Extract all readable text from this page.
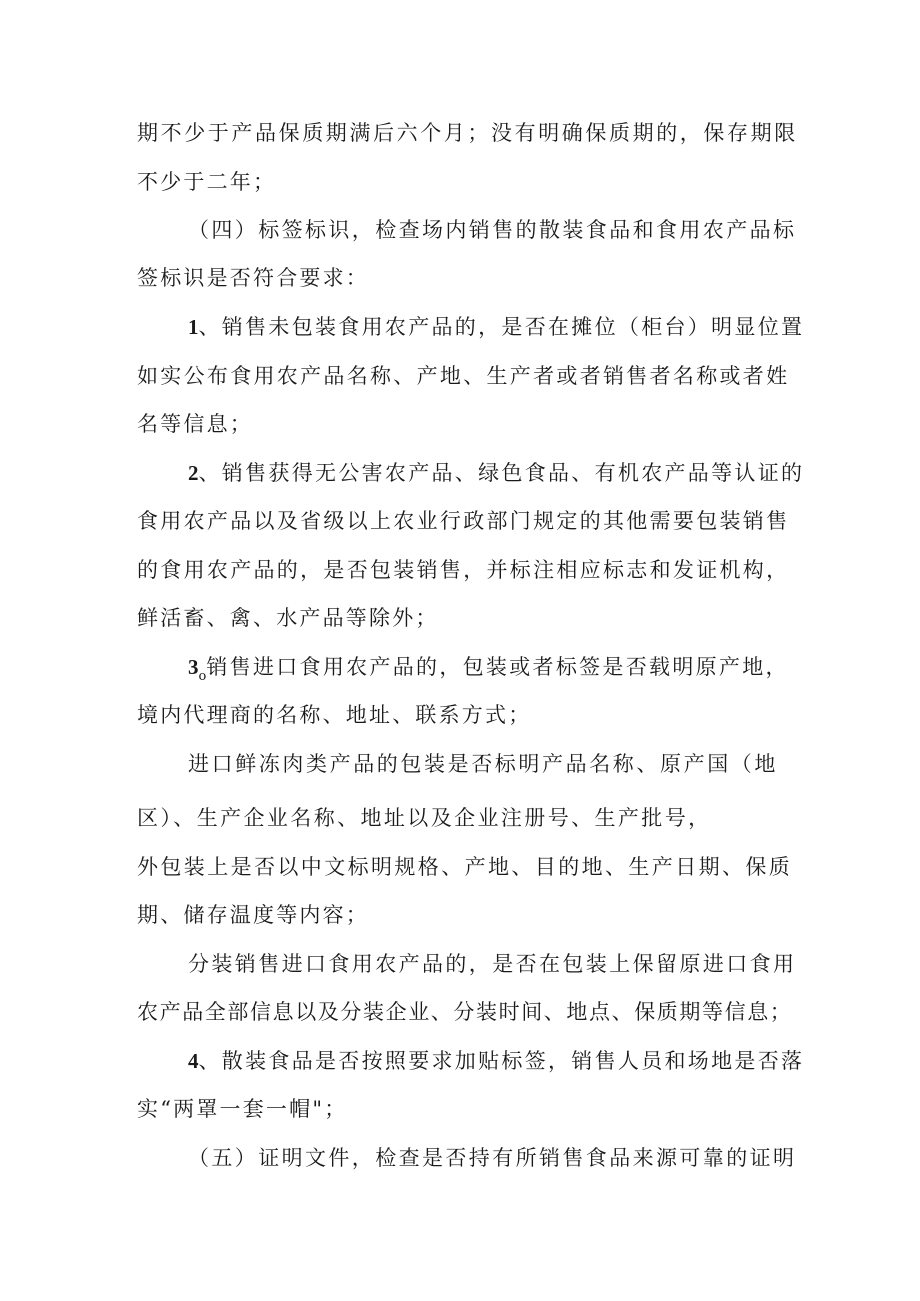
期不少于产品保质期满后六个月；没有明确保质期的，保存期限
不少于二年；
（四）标签标识，检查场内销售的散装食品和食用农产品标
签标识是否符合要求：
1、销售未包装食用农产品的，是否在摊位（柜台）明显位置
如实公布食用农产品名称、产地、生产者或者销售者名称或者姓
名等信息；
2、销售获得无公害农产品、绿色食品、有机农产品等认证的
食用农产品以及省级以上农业行政部门规定的其他需要包装销售
的食用农产品的，是否包装销售，并标注相应标志和发证机构，
鲜活畜、禽、水产品等除外；
$3_o$销售进口食用农产品的，包装或者标签是否载明原产地，
境内代理商的名称、地址、联系方式；
进口鲜冻肉类产品的包装是否标明产品名称、原产国（地
区）、生产企业名称、地址以及企业注册号、生产批号，
外包装上是否以中文标明规格、产地、目的地、生产日期、保质
期、储存温度等内容；
分装销售进口食用农产品的，是否在包装上保留原进口食用
农产品全部信息以及分装企业、分装时间、地点、保质期等信息；
4、散装食品是否按照要求加贴标签，销售人员和场地是否落
实“两罩一套一帽"；
（五）证明文件，检查是否持有所销售食品来源可靠的证明
